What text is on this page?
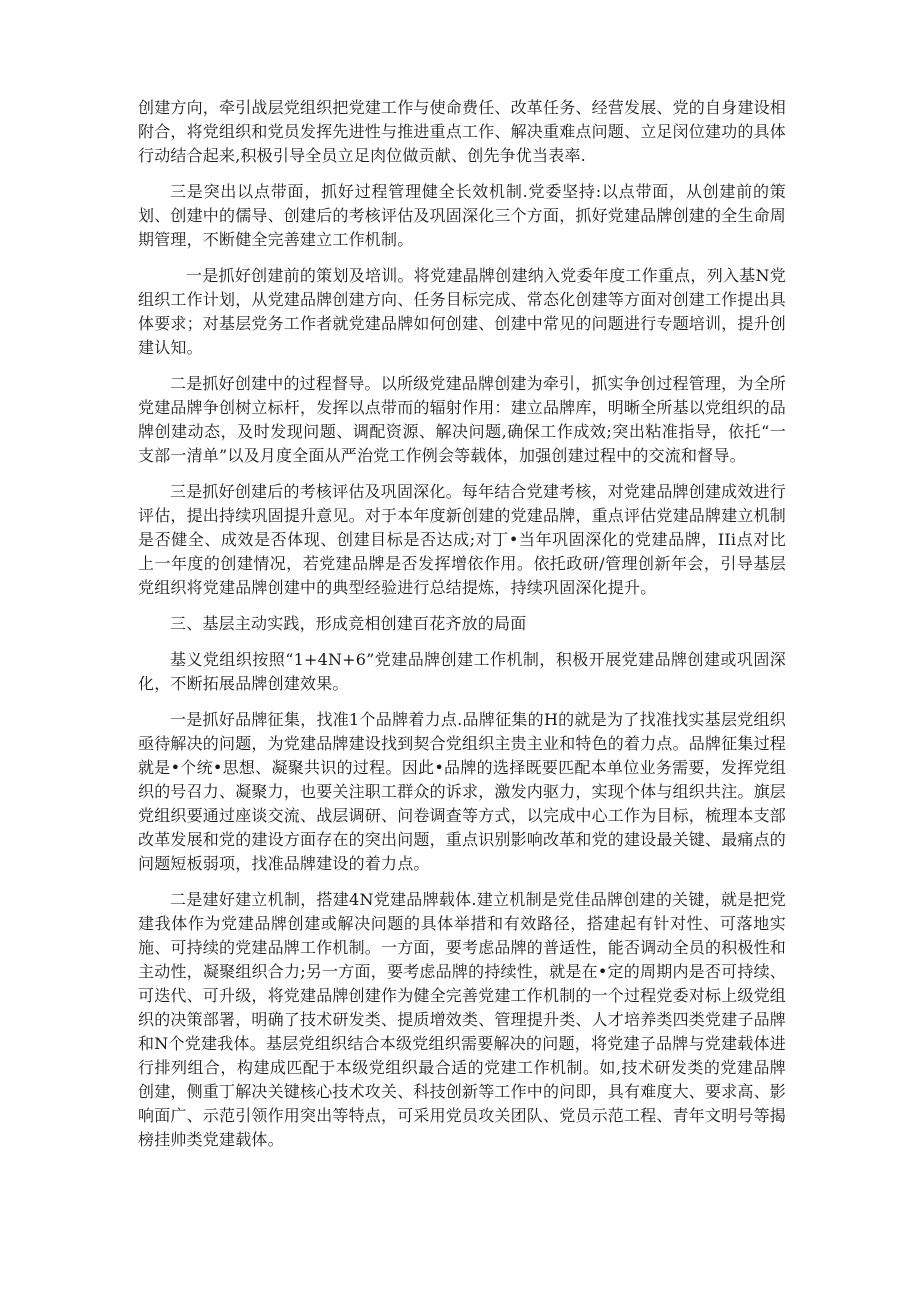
创建方向，牵引战层党组织把党建工作与使命费任、改革任务、经营发展、党的自身建设相附合，将党组织和党员发挥先进性与推进重点工作、解决重难点问题、立足闵位建功的具体行动结合起来,积极引导全员立足肉位做贡献、创先争优当表率.

三是突出以点带面，抓好过程管理健全长效机制.党委坚持:以点带面，从创建前的策划、创建中的儒导、创建后的考核评估及巩固深化三个方面，抓好党建品牌创建的全生命周期管理，不断健全完善建立工作机制。

一是抓好创建前的策划及培训。将党建晶牌创建纳入党委年度工作重点，列入基N党组织工作计划，从党建品牌创建方向、任务目标完成、常态化创建等方面对创建工作提出具体要求；对基层党务工作者就党建品牌如何创建、创建中常见的问题进行专题培训，提升创建认知。

二是抓好创建中的过程督导。以所级党建品牌创建为牵引，抓实争创过程管理，为全所党建品牌争创树立标杆，发挥以点带而的辐射作用：建立品牌库，明晰全所基以党组织的品牌创建动态，及时发现问题、调配资源、解决问题,确保工作成效;突出粘准指导，依托“一支部一清单”以及月度全面从严治党工作例会等载体，加强创建过程中的交流和督导。

三是抓好创建后的考核评估及巩固深化。每年结合党建考核，对党建品牌创建成效进行评估，提出持续巩固提升意见。对于本年度新创建的党建品牌，重点评估党建品牌建立机制是否健全、成效是否体现、创建目标是否达成;对丁•当年巩固深化的党建品牌，IIi点对比上一年度的创建情况，若党建品牌是否发挥增依作用。依托政研/管理创新年会，引导基层党组织将党建品牌创建中的典型经验进行总结提炼，持续巩固深化提升。

三、基层主动实践，形成竞相创建百花齐放的局面

基义党组织按照“1+4N+6”党建品牌创建工作机制，积极开展党建品牌创建或巩固深化，不断拓展品牌创建效果。

一是抓好品牌征集，找准1个品牌着力点.品牌征集的H的就是为了找准找实基层党组织亟待解决的问题，为党建品牌建设找到契合党组织主贵主业和特色的着力点。品牌征集过程就是•个统•思想、凝聚共识的过程。因此•品牌的选择既要匹配本单位业务需要，发挥党组织的号召力、凝聚力，也要关注职工群众的诉求，激发内驱力，实现个体与组织共注。旗层党组织要通过座谈交流、战层调研、问卷调查等方式，以完成中心工作为目标，梳理本支部改革发展和党的建设方面存在的突出问题，重点识别影响改革和党的建设最关键、最痛点的问题短板弱项，找准品牌建设的着力点。

二是建好建立机制，搭建4N党建品牌载体.建立机制是党佳品牌创建的关键，就是把党建我体作为党建品牌创建或解决问题的具体举措和有效路径，搭建起有针对性、可落地实施、可持续的党建品牌工作机制。一方面，要考虑品牌的普适性，能否调动全员的积极性和主动性，凝聚组织合力;另一方面，要考虑品牌的持续性，就是在•定的周期内是否可持续、可迭代、可升级，将党建品牌创建作为健全完善党建工作机制的一个过程党委对标上级党组织的决策部署，明确了技术研发类、提质增效类、管理提升类、人才培养类四类党建子品牌和N个党建我体。基层党组织结合本级党组织需要解决的问题，将党建子品牌与党建载体进行排列组合，构建成匹配于本级党组织最合适的党建工作机制。如,技术研发类的党建品牌创建，侧重丁解决关键核心技术攻关、科技创新等工作中的问即，具有难度大、要求高、影响面广、示范引领作用突出等特点，可采用党员攻关团队、党员示范工程、青年文明号等揭榜挂帅类党建载体。
